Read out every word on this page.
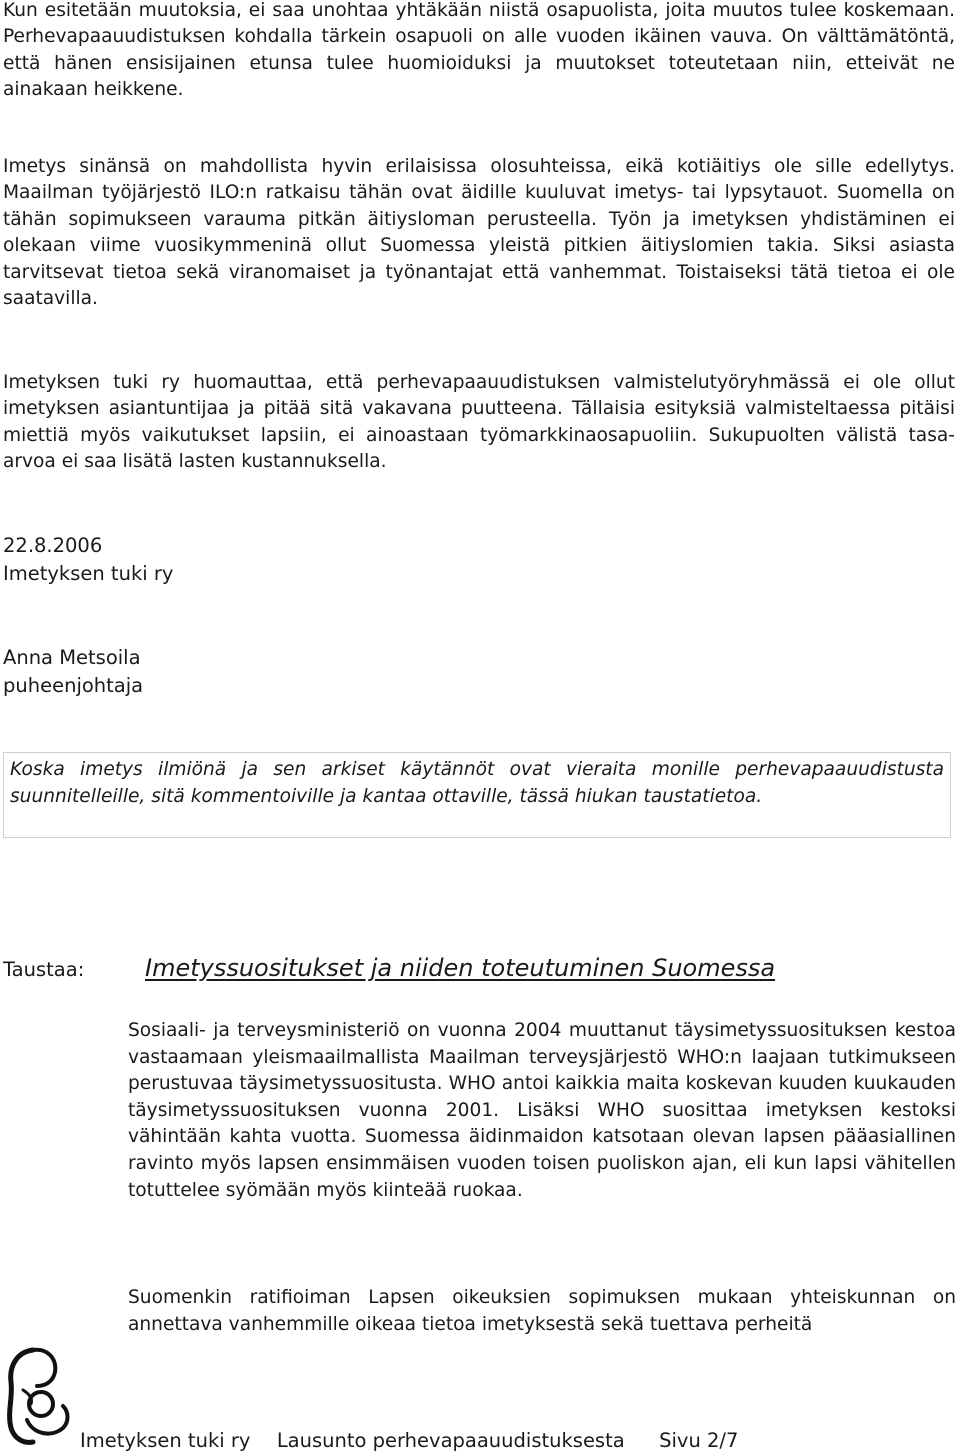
Kun esitetään muutoksia, ei saa unohtaa yhtäkään niistä osapuolista, joita muutos tulee koskemaan. Perhevapaauudistuksen kohdalla tärkein osapuoli on alle vuoden ikäinen vauva. On välttämätöntä, että hänen ensisijainen etunsa tulee huomioiduksi ja muutokset toteutetaan niin, etteivät ne ainakaan heikkene.

Imetys sinänsä on mahdollista hyvin erilaisissa olosuhteissa, eikä kotiäitiys ole sille edellytys. Maailman työjärjestö ILO:n ratkaisu tähän ovat äidille kuuluvat imetys- tai lypsytauot. Suomella on tähän sopimukseen varauma pitkän äitiysloman perusteella. Työn ja imetyksen yhdistäminen ei olekaan viime vuosikymmeninä ollut Suomessa yleistä pitkien äitiyslomien takia. Siksi asiasta tarvitsevat tietoa sekä viranomaiset ja työnantajat että vanhemmat. Toistaiseksi tätä tietoa ei ole saatavilla.

Imetyksen tuki ry huomauttaa, että perhevapaauudistuksen valmistelutyöryhmässä ei ole ollut imetyksen asiantuntijaa ja pitää sitä vakavana puutteena. Tällaisia esityksiä valmisteltaessa pitäisi miettiä myös vaikutukset lapsiin, ei ainoastaan työmarkkinaosapuoliin. Sukupuolten välistä tasa-arvoa ei saa lisätä lasten kustannuksella.

22.8.2006
Imetyksen tuki ry
Anna Metsoila
puheenjohtaja

Koska imetys ilmiönä ja sen arkiset käytännöt ovat vieraita monille perhevapaauudistusta suunnitelleille, sitä kommentoiville ja kantaa ottaville, tässä hiukan taustatietoa.

Taustaa:	Imetyssuositukset ja niiden toteutuminen Suomessa

Sosiaali- ja terveysministeriö on vuonna 2004 muuttanut täysimetyssuosituksen kestoa vastaamaan yleismaailmallista Maailman terveysjärjestö WHO:n laajaan tutkimukseen perustuvaa täysimetyssuositusta. WHO antoi kaikkia maita koskevan kuuden kuukauden täysimetyssuosituksen vuonna 2001. Lisäksi WHO suosittaa imetyksen kestoksi vähintään kahta vuotta. Suomessa äidinmaidon katsotaan olevan lapsen pääasiallinen ravinto myös lapsen ensimmäisen vuoden toisen puoliskon ajan, eli kun lapsi vähitellen totuttelee syömään myös kiinteää ruokaa.

Suomenkin ratifioiman Lapsen oikeuksien sopimuksen mukaan yhteiskunnan on annettava vanhemmille oikeaa tietoa imetyksestä sekä tuettava perheitä

Imetyksen tuki ry Lausunto perhevapaauudistuksesta Sivu 2/7
